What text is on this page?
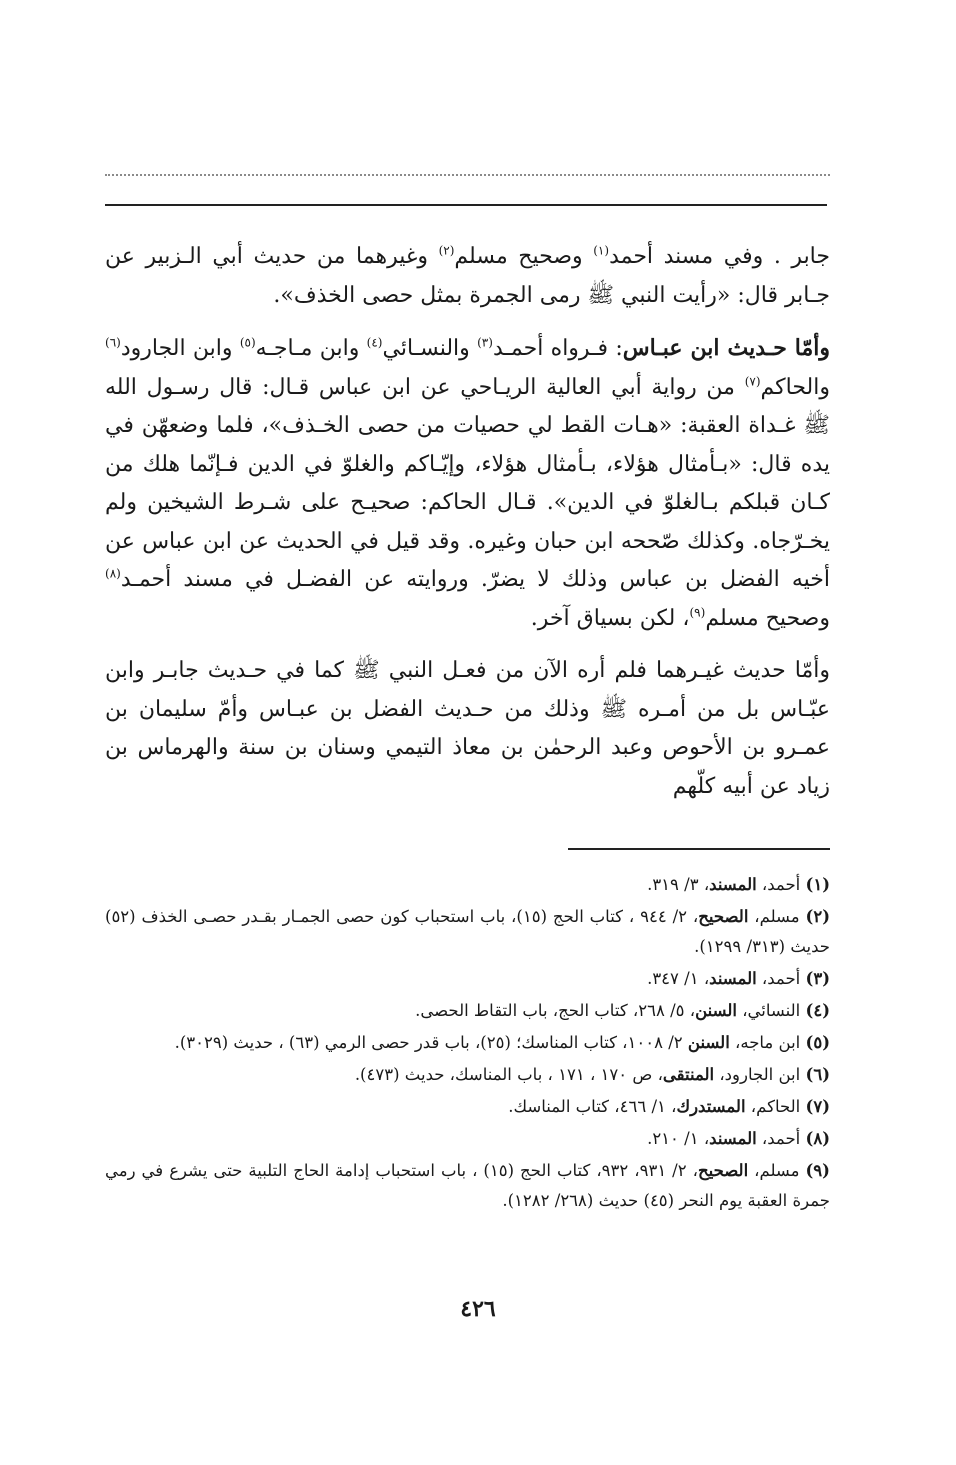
جابر . وفي مسند أحمد$^{(١)}$ وصحيح مسلم$^{(٢)}$ وغيرهما من حديث أبي الـزبير عن جـابر قال: «رأيت النبي ﷺ رمى الجمرة بمثل حصى الخذف».

وأمّا حـديث ابن عبـاس: فـرواه أحمـد$^{(٣)}$ والنسـائي$^{(٤)}$ وابن مـاجـه$^{(٥)}$ وابن الجارود$^{(٦)}$ والحاكم$^{(٧)}$ من رواية أبي العالية الريـاحي عن ابن عباس قـال: قال رسـول الله ﷺ غـداة العقبة: «هـات القط لي حصيات من حصى الخـذف»، فلما وضعهّن في يده قال: «بـأمثال هؤلاء، بـأمثال هؤلاء، وإيّـاكم والغلوّ في الدين فـإنّما هلك من كـان قبلكم بـالغلوّ في الدين». قـال الحاكم: صحيـح على شـرط الشيخين ولم يخـرّجاه. وكذلك صّححه ابن حبان وغيره. وقد قيل في الحديث عن ابن عباس عن أخيه الفضل بن عباس وذلك لا يضرّ. وروايته عن الفضـل في مسند أحمـد$^{(٨)}$ وصحيح مسلم$^{(٩)}$، لكن بسياق آخر.

وأمّا حديث غيـرهما فلم أره الآن من فعـل النبي ﷺ كما في حـديث جابـر وابن عبّـاس بل من أمـره ﷺ وذلك من حـديث الفضل بن عبـاس وأمّ سليمان بن عمـرو بن الأحوص وعبد الرحمٰن بن معاذ التيمي وسنان بن سنة والهرماس بن زياد عن أبيه كلّهم

(١) أحمد، المسند، ٣/ ٣١٩.
(٢) مسلم، الصحيح، ٢/ ٩٤٤ ، كتاب الحج (١٥)، باب استحباب كون حصى الجمـار بقـدر حصـى الخذف (٥٢) حديث (٣١٣/ ١٢٩٩).
(٣) أحمد، المسند، ١/ ٣٤٧.
(٤) النسائي، السنن، ٥/ ٢٦٨، كتاب الحج، باب التقاط الحصى.
(٥) ابن ماجه، السنن ٢/ ١٠٠٨، كتاب المناسك؛ (٢٥)، باب قدر حصى الرمي (٦٣) ، حديث (٣٠٢٩).
(٦) ابن الجارود، المنتقى، ص ١٧٠ ، ١٧١ ، باب المناسك، حديث (٤٧٣).
(٧) الحاكم، المستدرك، ١/ ٤٦٦، كتاب المناسك.
(٨) أحمد، المسند، ١/ ٢١٠.
(٩) مسلم، الصحيح، ٢/ ٩٣١، ٩٣٢، كتاب الحج (١٥) ، باب استحباب إدامة الحاج التلبية حتى يشرع في رمي جمرة العقبة يوم النحر (٤٥) حديث (٢٦٨/ ١٢٨٢).
٤٢٦
